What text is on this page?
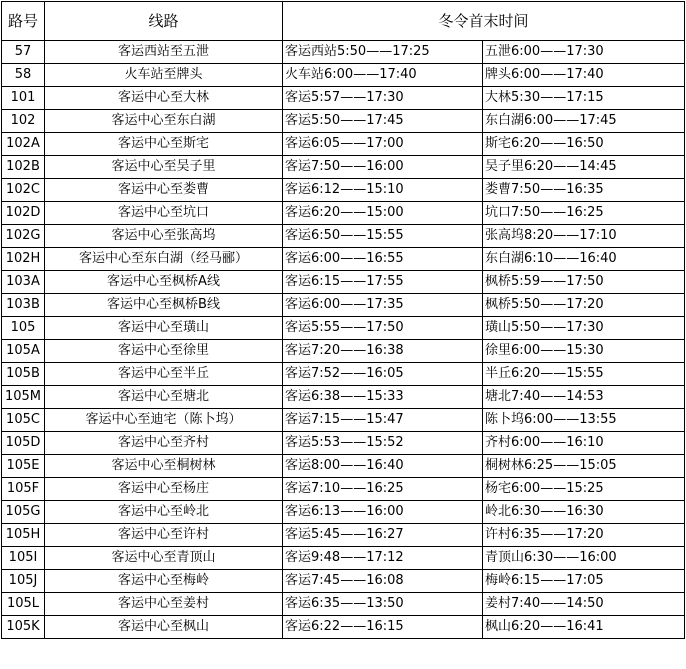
路号	线路	冬令首末时间	
57	客运西站至五泄	客运西站5:50——17:25	五泄6:00——17:30
58	火车站至牌头	火车站6:00——17:40	牌头6:00——17:40
101	客运中心至大林	客运5:57——17:30	大林5:30——17:15
102	客运中心至东白湖	客运5:50——17:45	东白湖6:00——17:45
102A	客运中心至斯宅	客运6:05——17:00	斯宅6:20——16:50
102B	客运中心至吴子里	客运7:50——16:00	吴子里6:20——14:45
102C	客运中心至娄曹	客运6:12——15:10	娄曹7:50——16:35
102D	客运中心至坑口	客运6:20——15:00	坑口7:50——16:25
102G	客运中心至张高坞	客运6:50——15:55	张高坞8:20——17:10
102H	客运中心至东白湖（经马郦）	客运6:00——16:55	东白湖6:10——16:40
103A	客运中心至枫桥A线	客运6:15——17:55	枫桥5:59——17:50
103B	客运中心至枫桥B线	客运6:00——17:35	枫桥5:50——17:20
105	客运中心至璜山	客运5:55——17:50	璜山5:50——17:30
105A	客运中心至徐里	客运7:20——16:38	徐里6:00——15:30
105B	客运中心至半丘	客运7:52——16:05	半丘6:20——15:55
105M	客运中心至塘北	客运6:38——15:33	塘北7:40——14:53
105C	客运中心至迪宅（陈卜坞）	客运7:15——15:47	陈卜坞6:00——13:55
105D	客运中心至齐村	客运5:53——15:52	齐村6:00——16:10
105E	客运中心至桐树林	客运8:00——16:40	桐树林6:25——15:05
105F	客运中心至杨庄	客运7:10——16:25	杨宅6:00——15:25
105G	客运中心至岭北	客运6:13——16:00	岭北6:30——16:30
105H	客运中心至许村	客运5:45——16:27	许村6:35——17:20
105I	客运中心至青顶山	客运9:48——17:12	青顶山6:30——16:00
105J	客运中心至梅岭	客运7:45——16:08	梅岭6:15——17:05
105L	客运中心至姜村	客运6:35——13:50	姜村7:40——14:50
105K	客运中心至枫山	客运6:22——16:15	枫山6:20——16:41
